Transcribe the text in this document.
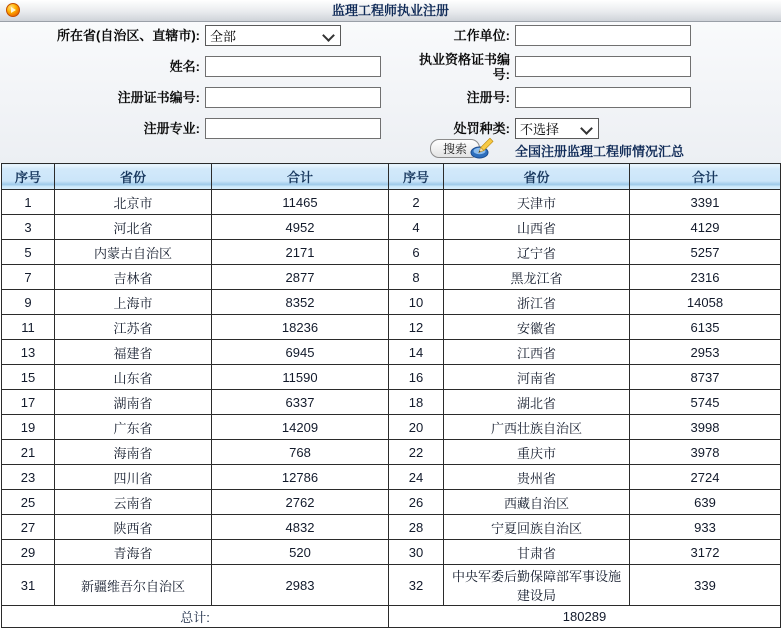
监理工程师执业注册
所在省(自治区、直辖市): 全部	工作单位:
姓名:	执业资格证书编号:
注册证书编号:	注册号:
注册专业:	处罚种类: 不选择
搜索	全国注册监理工程师情况汇总
序号	省份	合计	序号	省份	合计
1	北京市	11465	2	天津市	3391
3	河北省	4952	4	山西省	4129
5	内蒙古自治区	2171	6	辽宁省	5257
7	吉林省	2877	8	黑龙江省	2316
9	上海市	8352	10	浙江省	14058
11	江苏省	18236	12	安徽省	6135
13	福建省	6945	14	江西省	2953
15	山东省	11590	16	河南省	8737
17	湖南省	6337	18	湖北省	5745
19	广东省	14209	20	广西壮族自治区	3998
21	海南省	768	22	重庆市	3978
23	四川省	12786	24	贵州省	2724
25	云南省	2762	26	西藏自治区	639
27	陕西省	4832	28	宁夏回族自治区	933
29	青海省	520	30	甘肃省	3172
31	新疆维吾尔自治区	2983	32	中央军委后勤保障部军事设施建设局	339
总计:			180289		
